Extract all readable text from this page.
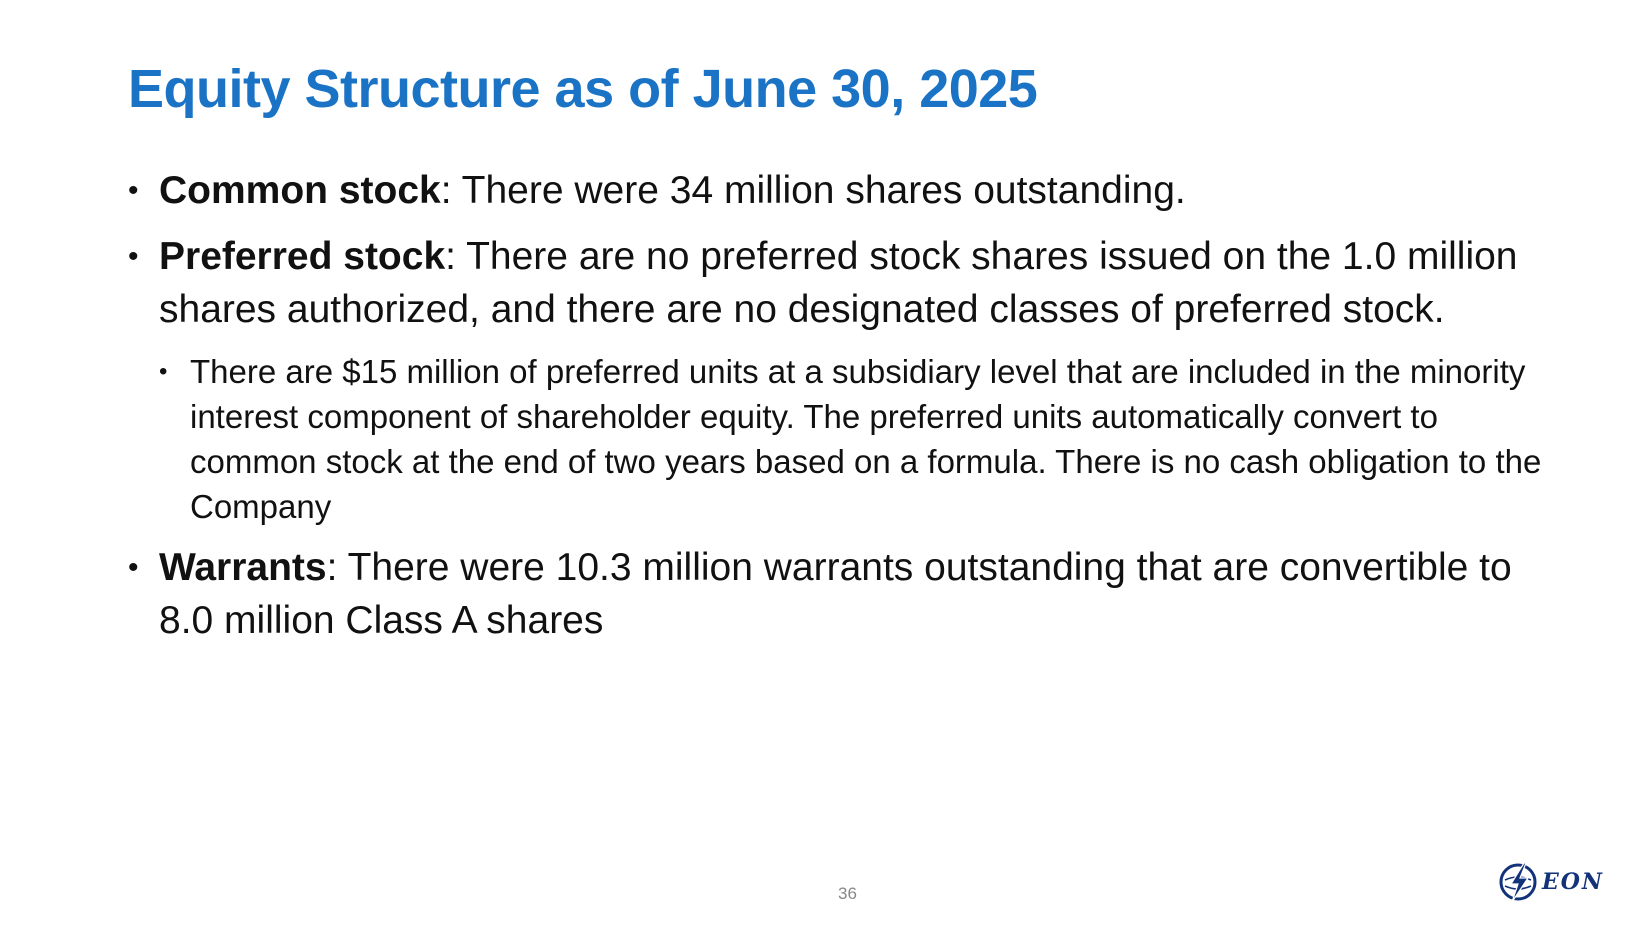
Equity Structure as of June 30, 2025
• Common stock: There were 34 million shares outstanding.
• Preferred stock: There are no preferred stock shares issued on the 1.0 million shares authorized, and there are no designated classes of preferred stock.
• There are $15 million of preferred units at a subsidiary level that are included in the minority interest component of shareholder equity. The preferred units automatically convert to common stock at the end of two years based on a formula. There is no cash obligation to the Company
• Warrants: There were 10.3 million warrants outstanding that are convertible to 8.0 million Class A shares
36	EON
